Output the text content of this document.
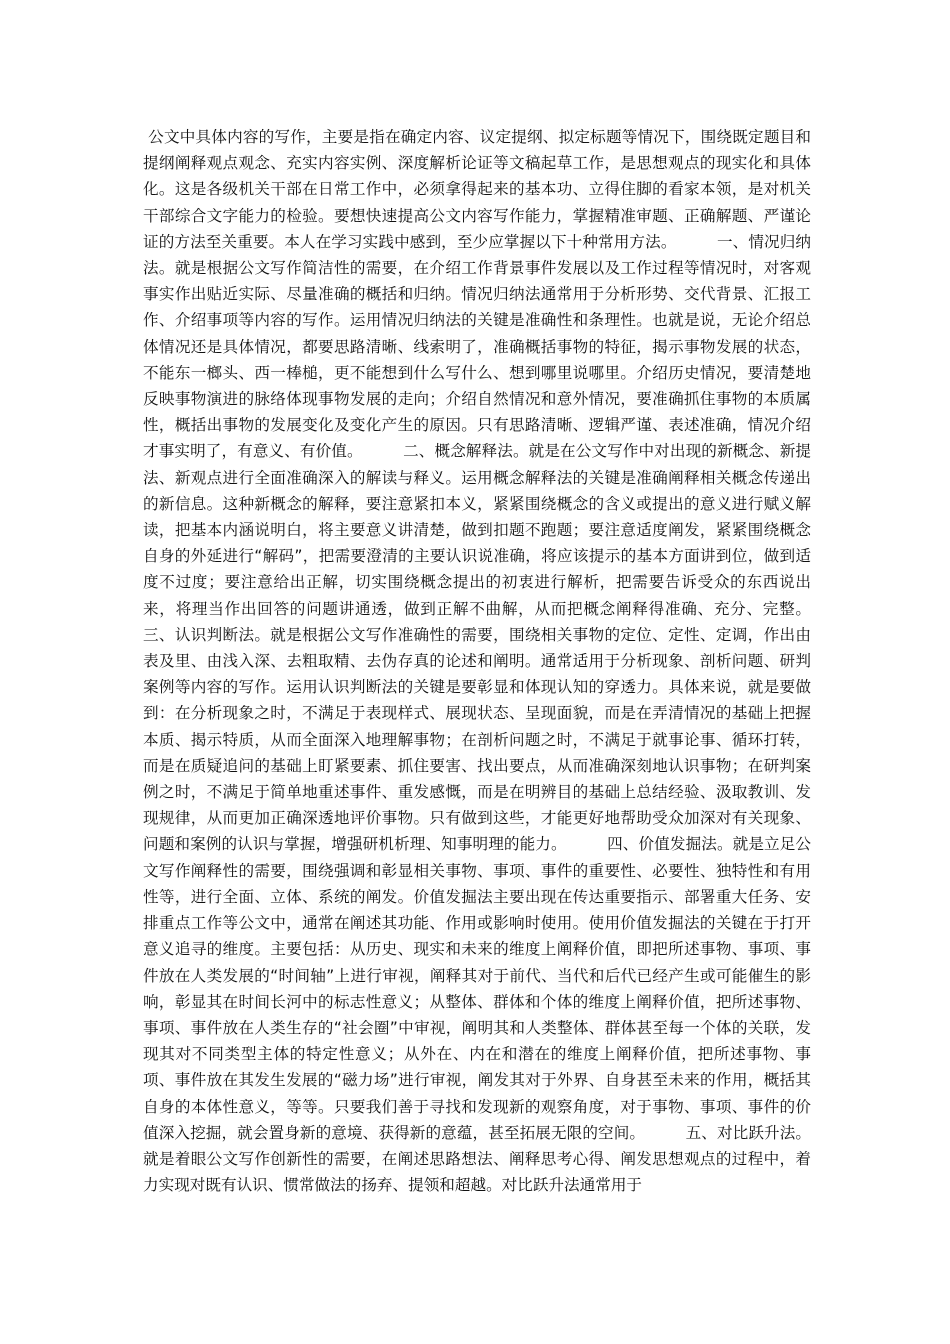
公文中具体内容的写作，主要是指在确定内容、议定提纲、拟定标题等情况下，围绕既定题目和提纲阐释观点观念、充实内容实例、深度解析论证等文稿起草工作，是思想观点的现实化和具体化。这是各级机关干部在日常工作中，必须拿得起来的基本功、立得住脚的看家本领，是对机关干部综合文字能力的检验。要想快速提高公文内容写作能力，掌握精准审题、正确解题、严谨论证的方法至关重要。本人在学习实践中感到，至少应掌握以下十种常用方法。        一、情况归纳法。就是根据公文写作简洁性的需要，在介绍工作背景事件发展以及工作过程等情况时，对客观事实作出贴近实际、尽量准确的概括和归纳。情况归纳法通常用于分析形势、交代背景、汇报工作、介绍事项等内容的写作。运用情况归纳法的关键是准确性和条理性。也就是说，无论介绍总体情况还是具体情况，都要思路清晰、线索明了，准确概括事物的特征，揭示事物发展的状态，不能东一榔头、西一棒槌，更不能想到什么写什么、想到哪里说哪里。介绍历史情况，要清楚地反映事物演进的脉络体现事物发展的走向；介绍自然情况和意外情况，要准确抓住事物的本质属性，概括出事物的发展变化及变化产生的原因。只有思路清晰、逻辑严谨、表述准确，情况介绍才事实明了，有意义、有价值。        二、概念解释法。就是在公文写作中对出现的新概念、新提法、新观点进行全面准确深入的解读与释义。运用概念解释法的关键是准确阐释相关概念传递出的新信息。这种新概念的解释，要注意紧扣本义，紧紧围绕概念的含义或提出的意义进行赋义解读，把基本内涵说明白，将主要意义讲清楚，做到扣题不跑题；要注意适度阐发，紧紧围绕概念自身的外延进行“解码”，把需要澄清的主要认识说准确，将应该提示的基本方面讲到位，做到适度不过度；要注意给出正解，切实围绕概念提出的初衷进行解析，把需要告诉受众的东西说出来，将理当作出回答的问题讲通透，做到正解不曲解，从而把概念阐释得准确、充分、完整。        三、认识判断法。就是根据公文写作准确性的需要，围绕相关事物的定位、定性、定调，作出由表及里、由浅入深、去粗取精、去伪存真的论述和阐明。通常适用于分析现象、剖析问题、研判案例等内容的写作。运用认识判断法的关键是要彰显和体现认知的穿透力。具体来说，就是要做到：在分析现象之时，不满足于表现样式、展现状态、呈现面貌，而是在弄清情况的基础上把握本质、揭示特质，从而全面深入地理解事物；在剖析问题之时，不满足于就事论事、循环打转，而是在质疑追问的基础上盯紧要素、抓住要害、找出要点，从而准确深刻地认识事物；在研判案例之时，不满足于简单地重述事件、重发感慨，而是在明辨目的基础上总结经验、汲取教训、发现规律，从而更加正确深透地评价事物。只有做到这些，才能更好地帮助受众加深对有关现象、问题和案例的认识与掌握，增强研机析理、知事明理的能力。        四、价值发掘法。就是立足公文写作阐释性的需要，围绕强调和彰显相关事物、事项、事件的重要性、必要性、独特性和有用性等，进行全面、立体、系统的阐发。价值发掘法主要出现在传达重要指示、部署重大任务、安排重点工作等公文中，通常在阐述其功能、作用或影响时使用。使用价值发掘法的关键在于打开意义追寻的维度。主要包括：从历史、现实和未来的维度上阐释价值，即把所述事物、事项、事件放在人类发展的“时间轴”上进行审视，阐释其对于前代、当代和后代已经产生或可能催生的影响，彰显其在时间长河中的标志性意义；从整体、群体和个体的维度上阐释价值，把所述事物、事项、事件放在人类生存的“社会圈”中审视，阐明其和人类整体、群体甚至每一个体的关联，发现其对不同类型主体的特定性意义；从外在、内在和潜在的维度上阐释价值，把所述事物、事项、事件放在其发生发展的“磁力场”进行审视，阐发其对于外界、自身甚至未来的作用，概括其自身的本体性意义，等等。只要我们善于寻找和发现新的观察角度，对于事物、事项、事件的价值深入挖掘，就会置身新的意境、获得新的意蕴，甚至拓展无限的空间。        五、对比跃升法。就是着眼公文写作创新性的需要，在阐述思路想法、阐释思考心得、阐发思想观点的过程中，着力实现对既有认识、惯常做法的扬弃、提领和超越。对比跃升法通常用于
